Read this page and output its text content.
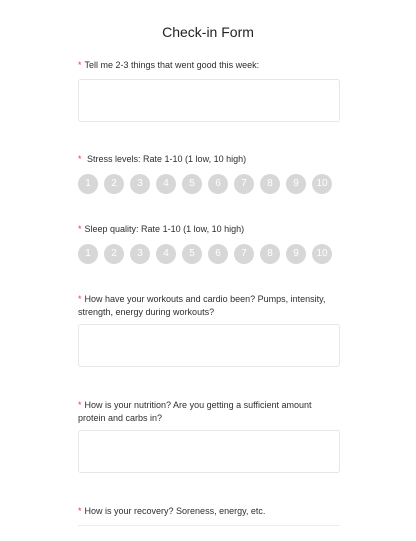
Check-in Form
* Tell me 2-3 things that went good this week:
* Stress levels: Rate 1-10 (1 low, 10 high)
1	2	3	4	5	6	7	8	9	10
* Sleep quality: Rate 1-10 (1 low, 10 high)
1	2	3	4	5	6	7	8	9	10
* How have your workouts and cardio been? Pumps, intensity, strength, energy during workouts?
* How is your nutrition? Are you getting a sufficient amount protein and carbs in?
* How is your recovery? Soreness, energy, etc.
